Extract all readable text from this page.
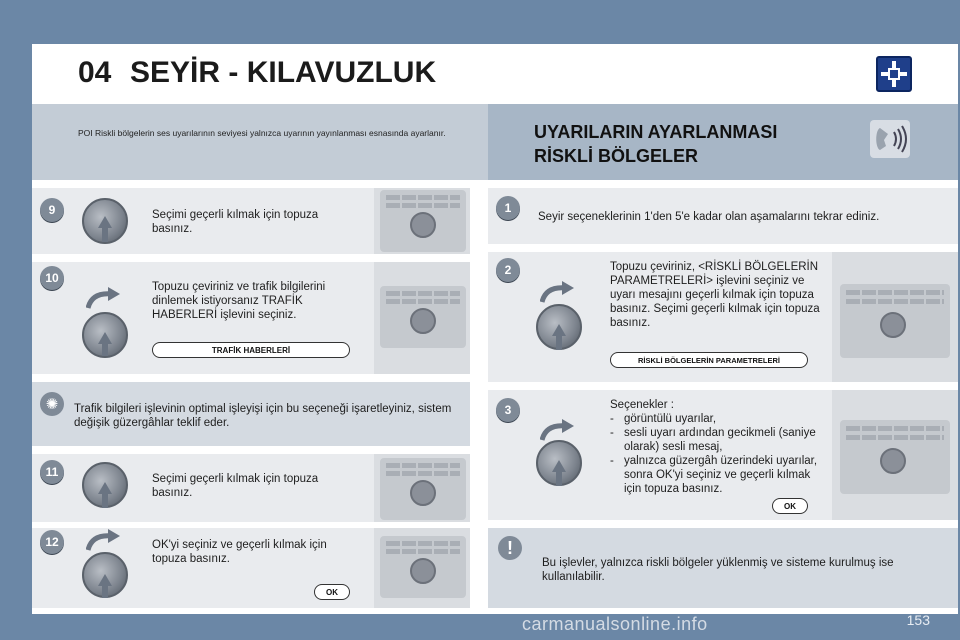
04 SEYİR - KILAVUZLUK
POI Riskli bölgelerin ses uyarılarının seviyesi yalnızca uyarının yayınlanması esnasında ayarlanır.	UYARILARIN AYARLANMASI
RİSKLİ BÖLGELER
9	Seçimi geçerli kılmak için topuza basınız.
10
Topuzu çeviriniz ve trafik bilgilerini dinlemek istiyorsanız TRAFİK HABERLERİ işlevini seçiniz.
TRAFİK HABERLERİ
✺	Trafik bilgileri işlevinin optimal işleyişi için bu seçeneği işaretleyiniz, sistem değişik güzergâhlar teklif eder.
11	Seçimi geçerli kılmak için topuza basınız.
12	OK'yi seçiniz ve geçerli kılmak için topuza basınız.
OK
1
Seyir seçeneklerinin 1'den 5'e kadar olan aşamalarını tekrar ediniz.
2	Topuzu çeviriniz, <RİSKLİ BÖLGELERİN PARAMETRELERİ> işlevini seçiniz ve uyarı mesajını geçerli kılmak için topuza basınız. Seçimi geçerli kılmak için topuza basınız.
RİSKLİ BÖLGELERİN PARAMETRELERİ
3	Seçenekler :
- görüntülü uyarılar,
- sesli uyarı ardından gecikmeli (saniye olarak) sesli mesaj,
- yalnızca güzergâh üzerindeki uyarılar, sonra OK'yi seçiniz ve geçerli kılmak için topuza basınız.
OK
!
Bu işlevler, yalnızca riskli bölgeler yüklenmiş ve sisteme kurulmuş ise kullanılabilir.
carmanualsonline.info	153
